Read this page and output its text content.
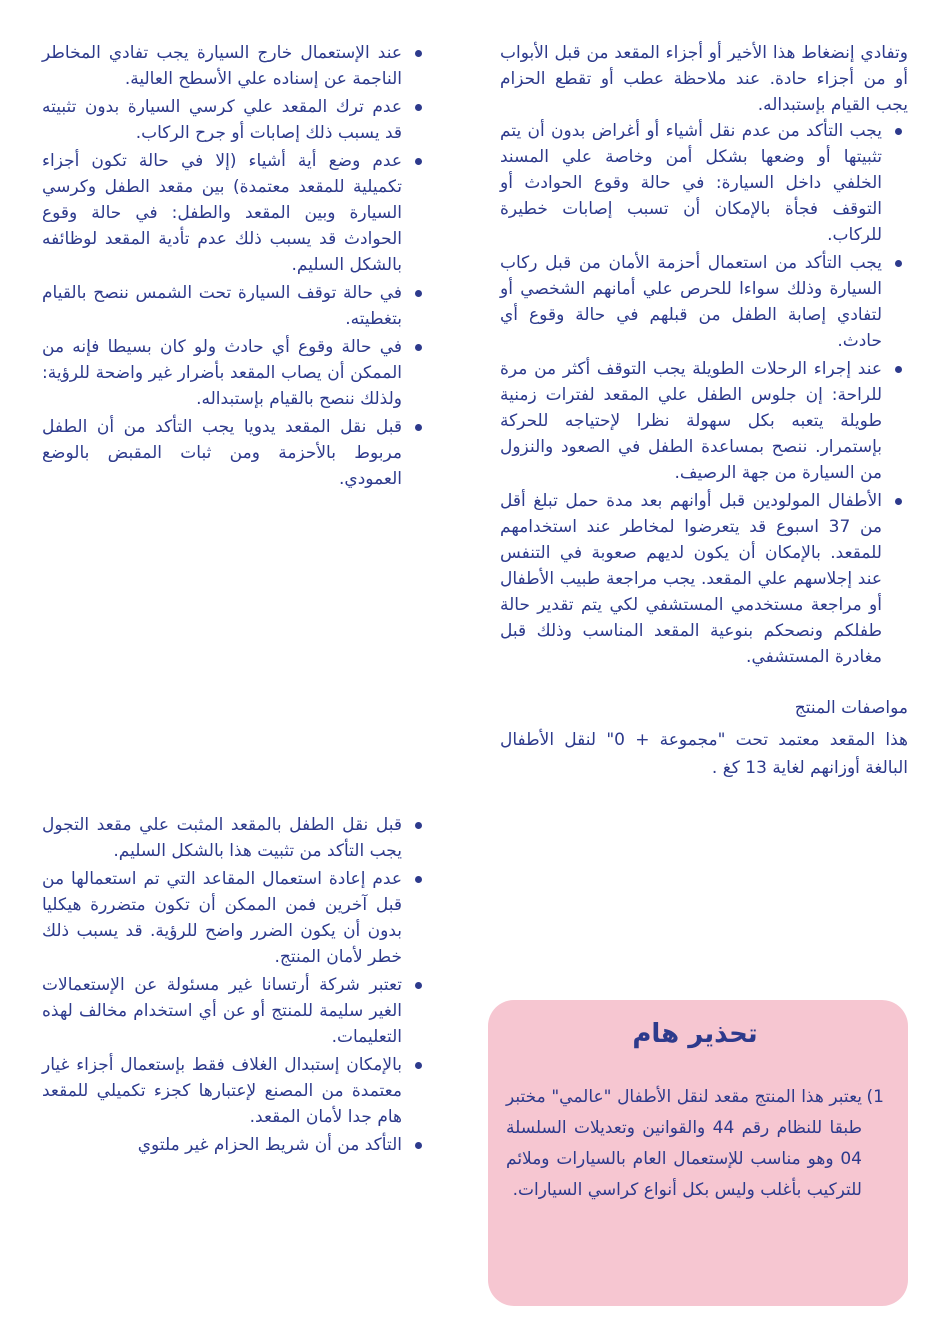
وتفادي إنضغاط هذا الأخير أو أجزاء المقعد من قبل الأبواب أو من أجزاء حادة. عند ملاحظة عطب أو تقطع الحزام يجب القيام بإستبداله.

يجب التأكد من عدم نقل أشياء أو أغراض بدون أن يتم تثبيتها أو وضعها بشكل أمن وخاصة علي المسند الخلفي داخل السيارة: في حالة وقوع الحوادث أو التوقف فجأة بالإمكان أن تسبب إصابات خطيرة للركاب.
يجب التأكد من استعمال أحزمة الأمان من قبل ركاب السيارة وذلك سواءا للحرص علي أمانهم الشخصي أو لتفادي إصابة الطفل من قبلهم في حالة وقوع أي حادث.
عند إجراء الرحلات الطويلة يجب التوقف أكثر من مرة للراحة: إن جلوس الطفل علي المقعد لفترات زمنية طويلة يتعبه بكل سهولة نظرا لإحتياجه للحركة بإستمرار. ننصح بمساعدة الطفل في الصعود والنزول من السيارة من جهة الرصيف.
الأطفال المولودين قبل أوانهم بعد مدة حمل تبلغ أقل من 37 اسبوع قد يتعرضوا لمخاطر عند استخدامهم للمقعد. بالإمكان أن يكون لديهم صعوبة في التنفس عند إجلاسهم علي المقعد. يجب مراجعة طبيب الأطفال أو مراجعة مستخدمي المستشفي لكي يتم تقدير حالة طفلكم ونصحكم بنوعية المقعد المناسب وذلك قبل مغادرة المستشفي.

مواصفات المنتج

هذا المقعد معتمد تحت "مجموعة + 0" لنقل الأطفال البالغة أوزانهم لغاية 13 كغ .

عند الإستعمال خارج السيارة يجب تفادي المخاطر الناجمة عن إسناده علي الأسطح العالية.
عدم ترك المقعد علي كرسي السيارة بدون تثبيته قد يسبب ذلك إصابات أو جرح الركاب.
عدم وضع أية أشياء (إلا في حالة تكون أجزاء تكميلية للمقعد معتمدة) بين مقعد الطفل وكرسي السيارة وبين المقعد والطفل: في حالة وقوع الحوادث قد يسبب ذلك عدم تأدية المقعد لوظائفه بالشكل السليم.
في حالة توقف السيارة تحت الشمس ننصح بالقيام بتغطيته.
في حالة وقوع أي حادث ولو كان بسيطا فإنه من الممكن أن يصاب المقعد بأضرار غير واضحة للرؤية: ولذلك ننصح بالقيام بإستبداله.
قبل نقل المقعد يدويا يجب التأكد من أن الطفل مربوط بالأحزمة ومن ثبات المقبض بالوضع العمودي.
قبل نقل الطفل بالمقعد المثبت علي مقعد التجول يجب التأكد من تثبيت هذا بالشكل السليم.
عدم إعادة استعمال المقاعد التي تم استعمالها من قبل آخرين فمن الممكن أن تكون متضررة هيكليا بدون أن يكون الضرر واضح للرؤية. قد يسبب ذلك خطر لأمان المنتج.
تعتبر شركة أرتسانا غير مسئولة عن الإستعمالات الغير سليمة للمنتج أو عن أي استخدام مخالف لهذه التعليمات.
بالإمكان إستبدال الغلاف فقط بإستعمال أجزاء غيار معتمدة من المصنع لإعتبارها كجزء تكميلي للمقعد هام جدا لأمان المقعد.
التأكد من أن شريط الحزام غير ملتوي

تحذير هام

1)
يعتبر هذا المنتج مقعد لنقل الأطفال "عالمي" مختبر طبقا للنظام رقم 44 والقوانين وتعديلات السلسلة 04 وهو مناسب للإستعمال العام بالسيارات وملائم للتركيب بأغلب وليس بكل أنواع كراسي السيارات.
